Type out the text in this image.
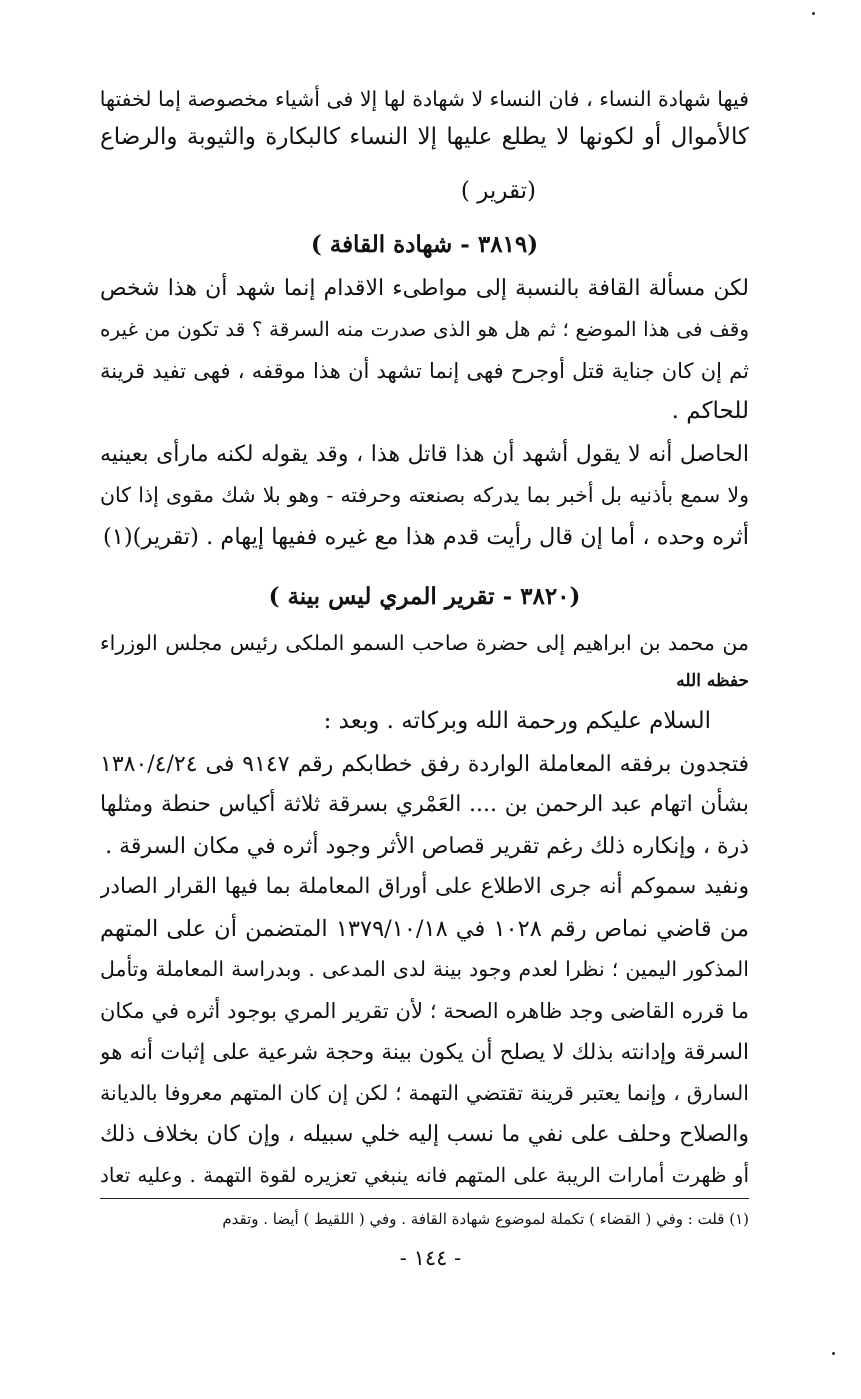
فيها شهادة النساء ، فان النساء لا شهادة لها إلا فى أشياء مخصوصة إما لخفتها
كالأموال أو لكونها لا يطلع عليها إلا النساء كالبكارة والثيوبة والرضاع
(تقرير )
(٣٨١٩ - شهادة القافة )
لكن مسألة القافة بالنسبة إلى مواطىء الاقدام إنما شهد أن هذا شخص
وقف فى هذا الموضع ؛ ثم هل هو الذى صدرت منه السرقة ؟ قد تكون من غيره
ثم إن كان جناية قتل أوجرح فهى إنما تشهد أن هذا موقفه ، فهى تفيد قرينة
للحاكم .
الحاصل أنه لا يقول أشهد أن هذا قاتل هذا ، وقد يقوله لكنه مارأى بعينيه
ولا سمع بأذنيه بل أخبر بما يدركه بصنعته وحرفته - وهو بلا شك مقوى إذا كان
أثره وحده ، أما إن قال رأيت قدم هذا مع غيره ففيها إيهام . (تقرير)(١)
(٣٨٢٠ - تقرير المري ليس بينة )
من محمد بن ابراهيم إلى حضرة صاحب السمو الملكى رئيس مجلس الوزراء
حفظه الله
السلام عليكم ورحمة الله وبركاته . وبعد :
فتجدون برفقه المعاملة الواردة رفق خطابكم رقم ٩١٤٧ فى ١٣٨٠/٤/٢٤
بشأن اتهام عبد الرحمن بن .... العَمْري بسرقة ثلاثة أكياس حنطة ومثلها
ذرة ، وإنكاره ذلك رغم تقرير قصاص الأثر وجود أثره في مكان السرقة .
ونفيد سموكم أنه جرى الاطلاع على أوراق المعاملة بما فيها القرار الصادر
من قاضي نماص رقم ١٠٢٨ في ١٣٧٩/١٠/١٨ المتضمن أن على المتهم
المذكور اليمين ؛ نظرا لعدم وجود بينة لدى المدعى . وبدراسة المعاملة وتأمل
ما قرره القاضى وجد ظاهره الصحة ؛ لأن تقرير المري بوجود أثره في مكان
السرقة وإدانته بذلك لا يصلح أن يكون بينة وحجة شرعية على إثبات أنه هو
السارق ، وإنما يعتبر قرينة تقتضي التهمة ؛ لكن إن كان المتهم معروفا بالديانة
والصلاح وحلف على نفي ما نسب إليه خلي سبيله ، وإن كان بخلاف ذلك
أو ظهرت أمارات الريبة على المتهم فانه ينبغي تعزيره لقوة التهمة . وعليه تعاد
(١) قلت : وفي ( القضاء ) تكملة لموضوع شهادة القافة . وفي ( اللقيط ) أيضا . وتقدم
- ١٤٤ -
